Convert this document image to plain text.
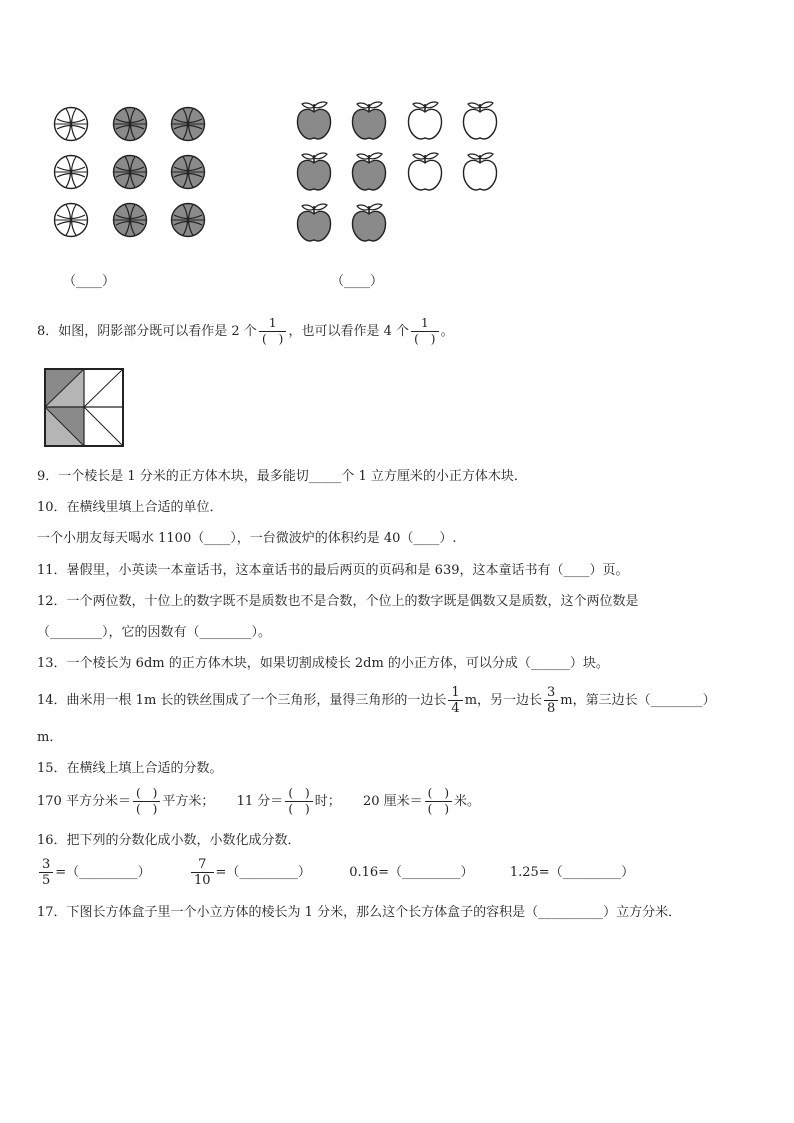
（____）	（____）
8．如图，阴影部分既可以看作是 2 个 $\frac{1}{( )}$ ，也可以看作是 4 个 $\frac{1}{( )}$ 。
9．一个棱长是 1 分米的正方体木块，最多能切_____个 1 立方厘米的小正方体木块．
10．在横线里填上合适的单位．
一个小朋友每天喝水 1100（____），一台微波炉的体积约是 40（____）.
11．暑假里，小英读一本童话书，这本童话书的最后两页的页码和是 639，这本童话书有（____）页。
12．一个两位数，十位上的数字既不是质数也不是合数，个位上的数字既是偶数又是质数，这个两位数是
（________），它的因数有（________）。
13．一个棱长为 6dm 的正方体木块，如果切割成棱长 2dm 的小正方体，可以分成（______）块。
14．曲米用一根 1m 长的铁丝围成了一个三角形，量得三角形的一边长 $\frac{1}{4}$ m，另一边长 $\frac{3}{8}$ m，第三边长（________）
m．
15．在横线上填上合适的分数。
170 平方分米＝ $\frac{( )}{( )}$ 平方米； 11 分＝ $\frac{( )}{( )}$ 时； 20 厘米＝ $\frac{( )}{( )}$ 米。
16．把下列的分数化成小数，小数化成分数．
$\frac{3}{5}$ =（_________）	$\frac{7}{10}$ =（_________）	0.16=（_________）	1.25=（_________）
17．下图长方体盒子里一个小立方体的棱长为 1 分米，那么这个长方体盒子的容积是（__________）立方分米．
